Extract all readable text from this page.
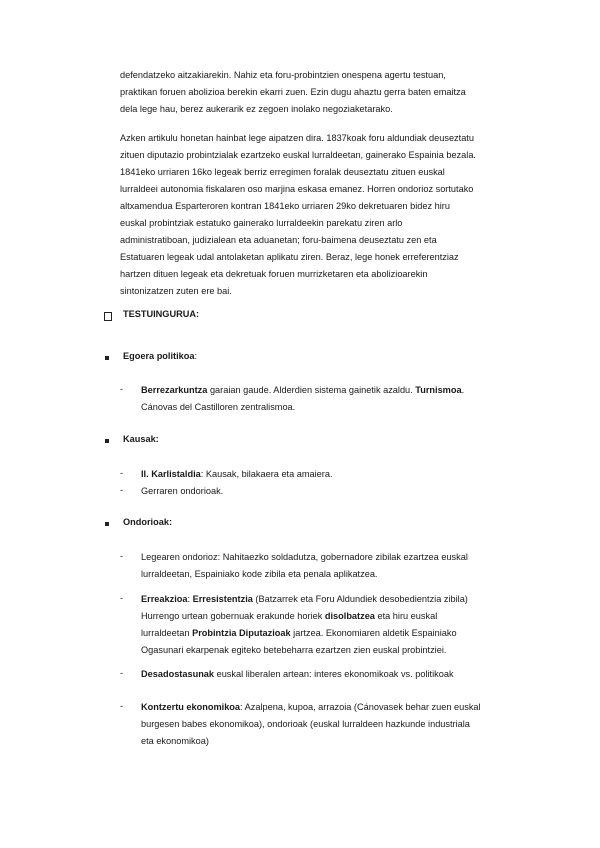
defendatzeko aitzakiarekin. Nahiz eta foru-probintzien onespena agertu testuan,
praktikan foruen abolizioa berekin ekarri zuen. Ezin dugu ahaztu gerra baten emaitza
dela lege hau, berez aukerarik ez zegoen inolako negoziaketarako.
Azken artikulu honetan hainbat lege aipatzen dira. 1837koak foru aldundiak deuseztatu
zituen diputazio probintzialak ezartzeko euskal lurraldeetan, gainerako Espainia bezala.
1841eko urriaren 16ko legeak berriz erregimen foralak deuseztatu zituen euskal
lurraldeei autonomia fiskalaren oso marjina eskasa emanez. Horren ondorioz sortutako
altxamendua Esparteroren kontran 1841eko urriaren 29ko dekretuaren bidez hiru
euskal probintziak estatuko gainerako lurraldeekin parekatu ziren arlo
administratiboan, judizialean eta aduanetan; foru-baimena deuseztatu zen eta
Estatuaren legeak udal antolaketan aplikatu ziren. Beraz, lege honek erreferentziaz
hartzen dituen legeak eta dekretuak foruen murrizketaren eta abolizioarekin
sintonizatzen zuten ere bai.
TESTUINGURUA:
Egoera politikoa:
- Berrezarkuntza garaian gaude. Alderdien sistema gainetik azaldu. Turnismoa.
Cánovas del Castilloren zentralismoa.
Kausak:
- II. Karlistaldia: Kausak, bilakaera eta amaiera.
- Gerraren ondorioak.
Ondorioak:
- Legearen ondorioz: Nahitaezko soldadutza, gobernadore zibilak ezartzea euskal
lurraldeetan, Espainiako kode zibila eta penala aplikatzea.
- Erreakzioa: Erresistentzia (Batzarrek eta Foru Aldundiek desobedientzia zibila)
Hurrengo urtean gobernuak erakunde horiek disolbatzea eta hiru euskal
lurraldeetan Probintzia Diputazioak jartzea. Ekonomiaren aldetik Espainiako
Ogasunari ekarpenak egiteko betebeharra ezartzen zien euskal probintziei.
- Desadostasunak euskal liberalen artean: interes ekonomikoak vs. politikoak
- Kontzertu ekonomikoa: Azalpena, kupoa, arrazoia (Cánovasek behar zuen euskal
burgesen babes ekonomikoa), ondorioak (euskal lurraldeen hazkunde industriala
eta ekonomikoa)
